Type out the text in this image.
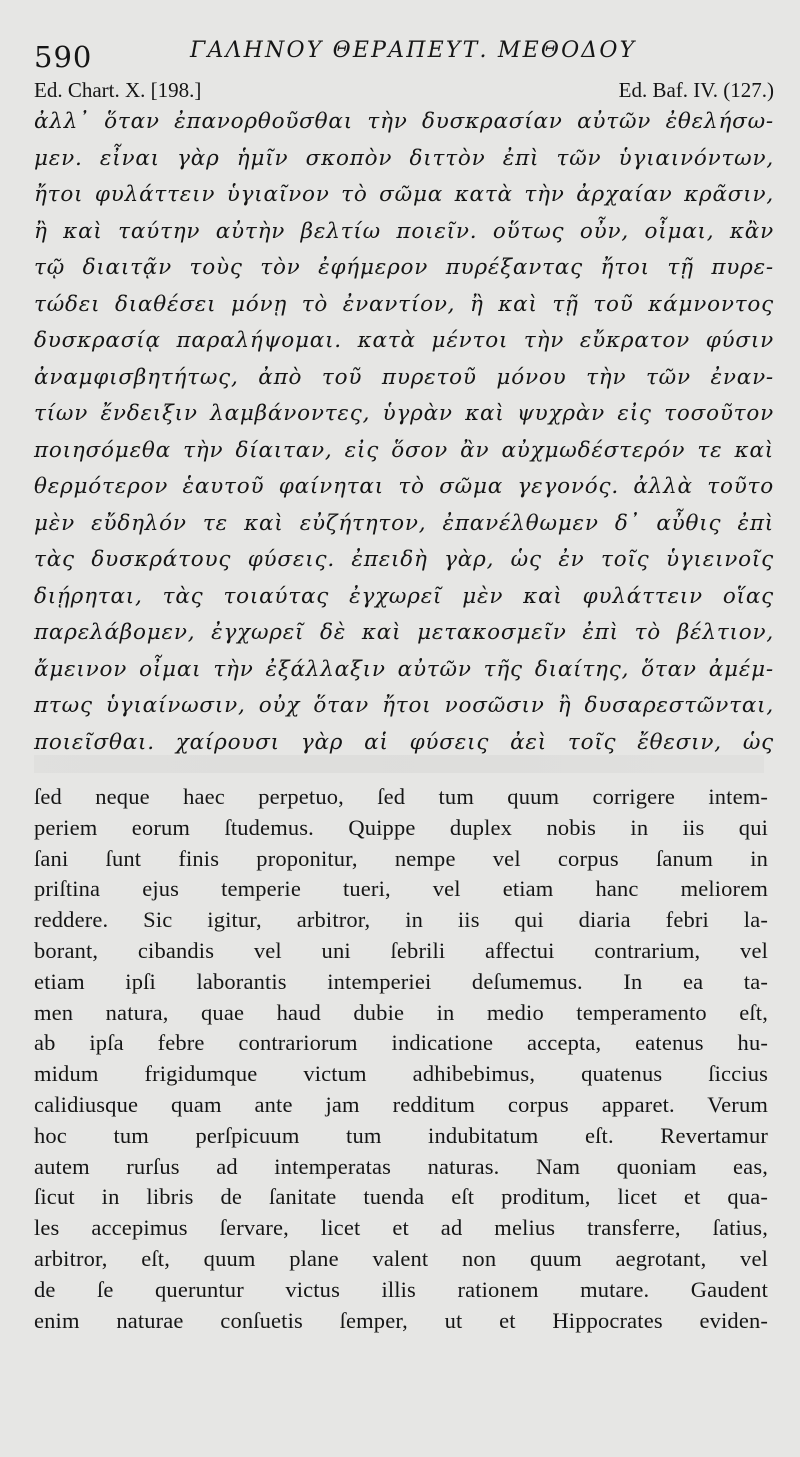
590	ΓΑΛΗΝΟΥ ΘΕΡΑΠΕΥΤ. ΜΕΘΟΔΟΥ
Ed. Chart. X. [198.]	Ed. Baf. IV. (127.)
ἀλλ᾽ ὅταν ἐπανορθοῦσθαι τὴν δυσκρασίαν αὐτῶν ἐθελήσω-
μεν. εἶναι γὰρ ἡμῖν σκοπὸν διττὸν ἐπὶ τῶν ὑγιαινόντων,
ἤτοι φυλάττειν ὑγιαῖνον τὸ σῶμα κατὰ τὴν ἀρχαίαν κρᾶσιν,
ἢ καὶ ταύτην αὐτὴν βελτίω ποιεῖν. οὕτως οὖν, οἶμαι, κἂν
τῷ διαιτᾷν τοὺς τὸν ἐφήμερον πυρέξαντας ἤτοι τῇ πυρε-
τώδει διαθέσει μόνῃ τὸ ἐναντίον, ἢ καὶ τῇ τοῦ κάμνοντος
δυσκρασίᾳ παραλήψομαι. κατὰ μέντοι τὴν εὔκρατον φύσιν
ἀναμφισβητήτως, ἀπὸ τοῦ πυρετοῦ μόνου τὴν τῶν ἐναν-
τίων ἔνδειξιν λαμβάνοντες, ὑγρὰν καὶ ψυχρὰν εἰς τοσοῦτον
ποιησόμεθα τὴν δίαιταν, εἰς ὅσον ἂν αὐχμωδέστερόν τε καὶ
θερμότερον ἑαυτοῦ φαίνηται τὸ σῶμα γεγονός. ἀλλὰ τοῦτο
μὲν εὔδηλόν τε καὶ εὐζήτητον, ἐπανέλθωμεν δ᾽ αὖθις ἐπὶ
τὰς δυσκράτους φύσεις. ἐπειδὴ γὰρ, ὡς ἐν τοῖς ὑγιεινοῖς
διῄρηται, τὰς τοιαύτας ἐγχωρεῖ μὲν καὶ φυλάττειν οἵας
παρελάβομεν, ἐγχωρεῖ δὲ καὶ μετακοσμεῖν ἐπὶ τὸ βέλτιον,
ἄμεινον οἶμαι τὴν ἐξάλλαξιν αὐτῶν τῆς διαίτης, ὅταν ἀμέμ-
πτως ὑγιαίνωσιν, οὐχ ὅταν ἤτοι νοσῶσιν ἢ δυσαρεστῶνται,
ποιεῖσθαι. χαίρουσι γὰρ αἱ φύσεις ἀεὶ τοῖς ἔθεσιν, ὡς
ſed neque haec perpetuo, ſed tum quum corrigere intem-
periem eorum ſtudemus. Quippe duplex nobis in iis qui
ſani ſunt finis proponitur, nempe vel corpus ſanum in
priſtina ejus temperie tueri, vel etiam hanc meliorem
reddere. Sic igitur, arbitror, in iis qui diaria febri la-
borant, cibandis vel uni ſebrili affectui contrarium, vel
etiam ipſi laborantis intemperiei deſumemus. In ea ta-
men natura, quae haud dubie in medio temperamento eſt,
ab ipſa febre contrariorum indicatione accepta, eatenus hu-
midum frigidumque victum adhibebimus, quatenus ſiccius
calidiusque quam ante jam redditum corpus apparet. Verum
hoc tum perſpicuum tum indubitatum eſt. Revertamur
autem rurſus ad intemperatas naturas. Nam quoniam eas,
ſicut in libris de ſanitate tuenda eſt proditum, licet et qua-
les accepimus ſervare, licet et ad melius transferre, ſatius,
arbitror, eſt, quum plane valent non quum aegrotant, vel
de ſe queruntur victus illis rationem mutare. Gaudent
enim naturae conſuetis ſemper, ut et Hippocrates eviden-
